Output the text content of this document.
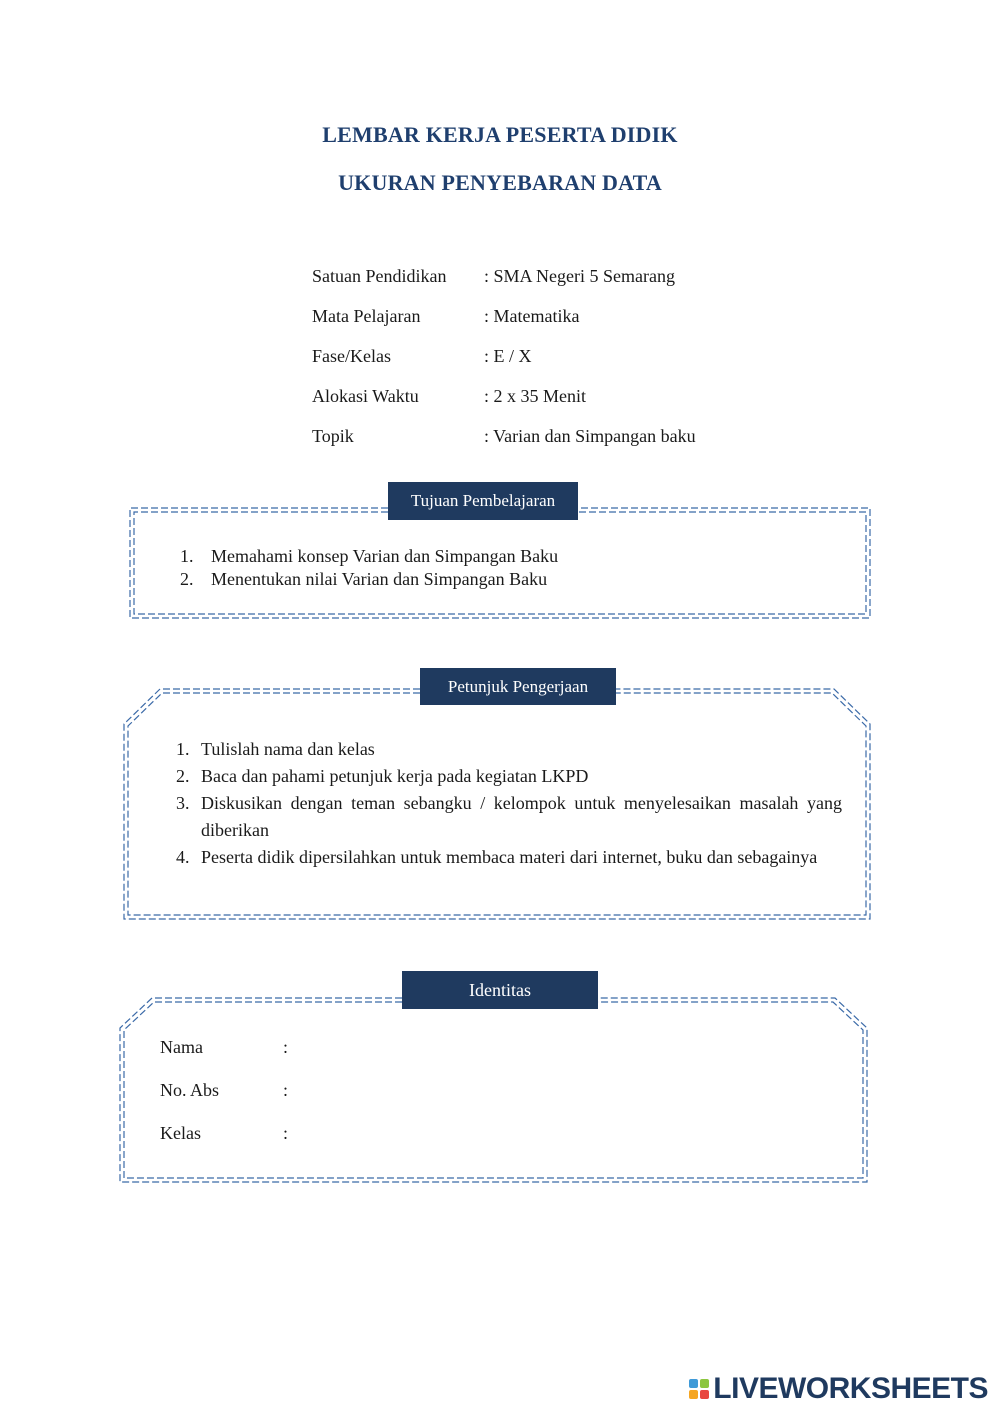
LEMBAR KERJA PESERTA DIDIK
UKURAN PENYEBARAN DATA
Satuan Pendidikan	: SMA Negeri 5 Semarang
Mata Pelajaran	: Matematika
Fase/Kelas	: E / X
Alokasi Waktu	: 2 x 35 Menit
Topik	: Varian dan Simpangan baku
Tujuan Pembelajaran
1. Memahami konsep Varian dan Simpangan Baku
2. Menentukan nilai Varian dan Simpangan Baku
Petunjuk Pengerjaan
1. Tulislah nama dan kelas
2. Baca dan pahami petunjuk kerja pada kegiatan LKPD
3. Diskusikan dengan teman sebangku / kelompok untuk menyelesaikan masalah yang diberikan
4. Peserta didik dipersilahkan untuk membaca materi dari internet, buku dan sebagainya
Identitas
Nama	:
No. Abs	:
Kelas	:
LIVEWORKSHEETS
